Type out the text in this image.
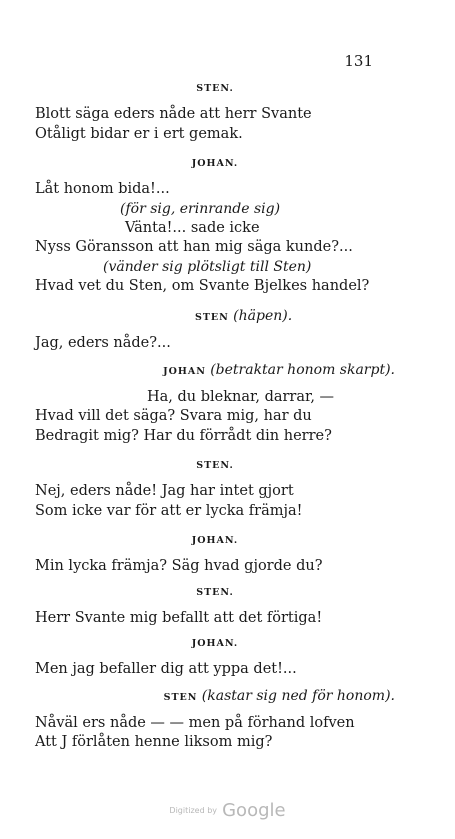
131

STEN.

Blott säga eders nåde att herr Svante

Otåligt bidar er i ert gemak.

JOHAN.

Låt honom bida!...

(för sig, erinrande sig)

Vänta!... sade icke

Nyss Göransson att han mig säga kunde?...

(vänder sig plötsligt till Sten)

Hvad vet du Sten, om Svante Bjelkes handel?

STEN (häpen).

Jag, eders nåde?...

JOHAN (betraktar honom skarpt).

Ha, du bleknar, darrar, —

Hvad vill det säga? Svara mig, har du

Bedragit mig? Har du förrådt din herre?

STEN.

Nej, eders nåde! Jag har intet gjort

Som icke var för att er lycka främja!

JOHAN.

Min lycka främja? Säg hvad gjorde du?

STEN.

Herr Svante mig befallt att det förtiga!

JOHAN.

Men jag befaller dig att yppa det!...

STEN (kastar sig ned för honom).

Nåväl ers nåde — — men på förhand lofven

Att J förlåten henne liksom mig?

Digitized by Google
